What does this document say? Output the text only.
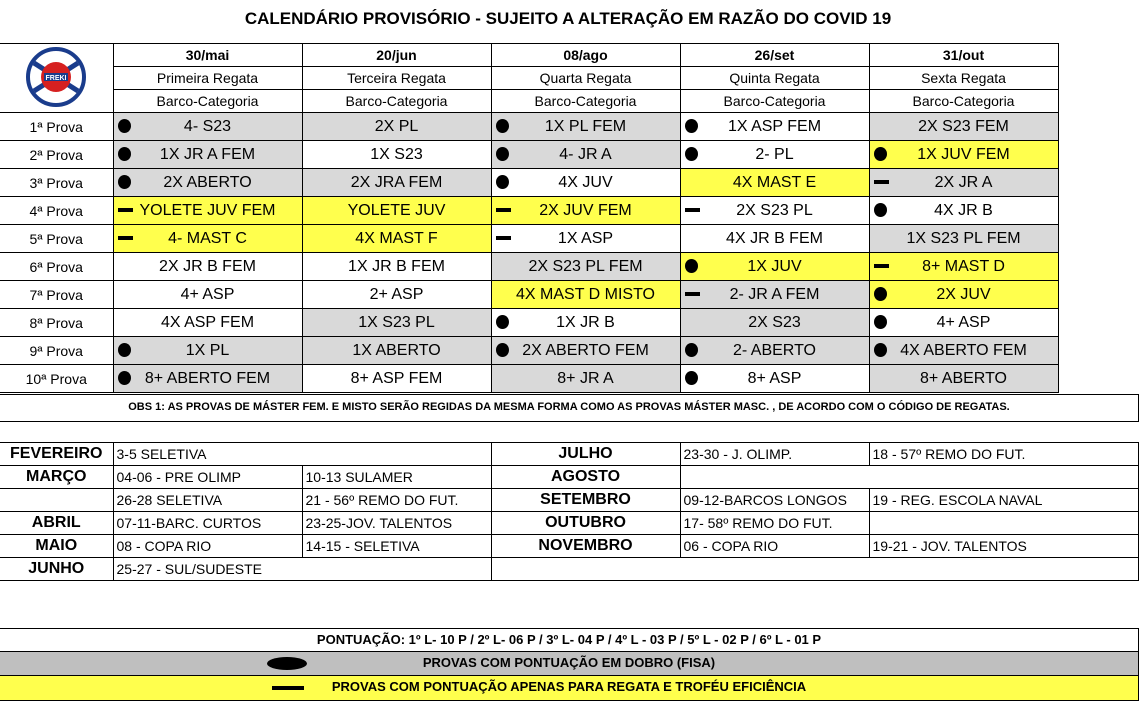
CALENDÁRIO PROVISÓRIO - SUJEITO A ALTERAÇÃO EM RAZÃO DO COVID 19
FREKI	30/mai	20/jun	08/ago	26/set	31/out
	Primeira Regata	Terceira Regata	Quarta Regata	Quinta Regata	Sexta Regata
	Barco-Categoria	Barco-Categoria	Barco-Categoria	Barco-Categoria	Barco-Categoria
1ª Prova	4- S23	2X PL	1X PL FEM	1X ASP FEM	2X S23 FEM
2ª Prova	1X JR A FEM	1X S23	4- JR A	2- PL	1X JUV FEM
3ª Prova	2X ABERTO	2X JRA FEM	4X JUV	4X MAST E	2X JR A
4ª Prova	YOLETE JUV FEM	YOLETE JUV	2X JUV FEM	2X S23 PL	4X JR B
5ª Prova	4- MAST C	4X MAST F	1X ASP	4X JR B FEM	1X S23 PL FEM
6ª Prova	2X JR B FEM	1X JR B FEM	2X S23 PL FEM	1X JUV	8+ MAST D
7ª Prova	4+ ASP	2+ ASP	4X MAST D MISTO	2- JR A FEM	2X JUV
8ª Prova	4X ASP FEM	1X S23 PL	1X JR B	2X S23	4+ ASP
9ª Prova	1X PL	1X ABERTO	2X ABERTO FEM	2- ABERTO	4X ABERTO FEM
10ª Prova	8+ ABERTO FEM	8+ ASP FEM	8+ JR A	8+ ASP	8+ ABERTO
OBS 1: AS PROVAS DE MÁSTER FEM. E MISTO SERÃO REGIDAS DA MESMA FORMA COMO AS PROVAS MÁSTER MASC. , DE ACORDO COM O CÓDIGO DE REGATAS.
FEVEREIRO	3-5 SELETIVA		JULHO	23-30 - J. OLIMP.	18 - 57º REMO DO FUT.
MARÇO	04-06 - PRE OLIMP	10-13 SULAMER	AGOSTO		
	26-28 SELETIVA	21 - 56º REMO DO FUT.	SETEMBRO	09-12-BARCOS LONGOS	19 - REG. ESCOLA NAVAL
ABRIL	07-11-BARC. CURTOS	23-25-JOV. TALENTOS	OUTUBRO	17- 58º REMO DO FUT.	
MAIO	08 - COPA RIO	14-15 - SELETIVA	NOVEMBRO	06 - COPA RIO	19-21 - JOV. TALENTOS
JUNHO	25-27 - SUL/SUDESTE				
PONTUAÇÃO: 1º L- 10 P / 2º L- 06 P / 3º L- 04 P / 4º L - 03 P / 5º L - 02 P / 6º L - 01 P
PROVAS COM PONTUAÇÃO EM DOBRO (FISA)
PROVAS COM PONTUAÇÃO APENAS PARA REGATA E TROFÉU EFICIÊNCIA
